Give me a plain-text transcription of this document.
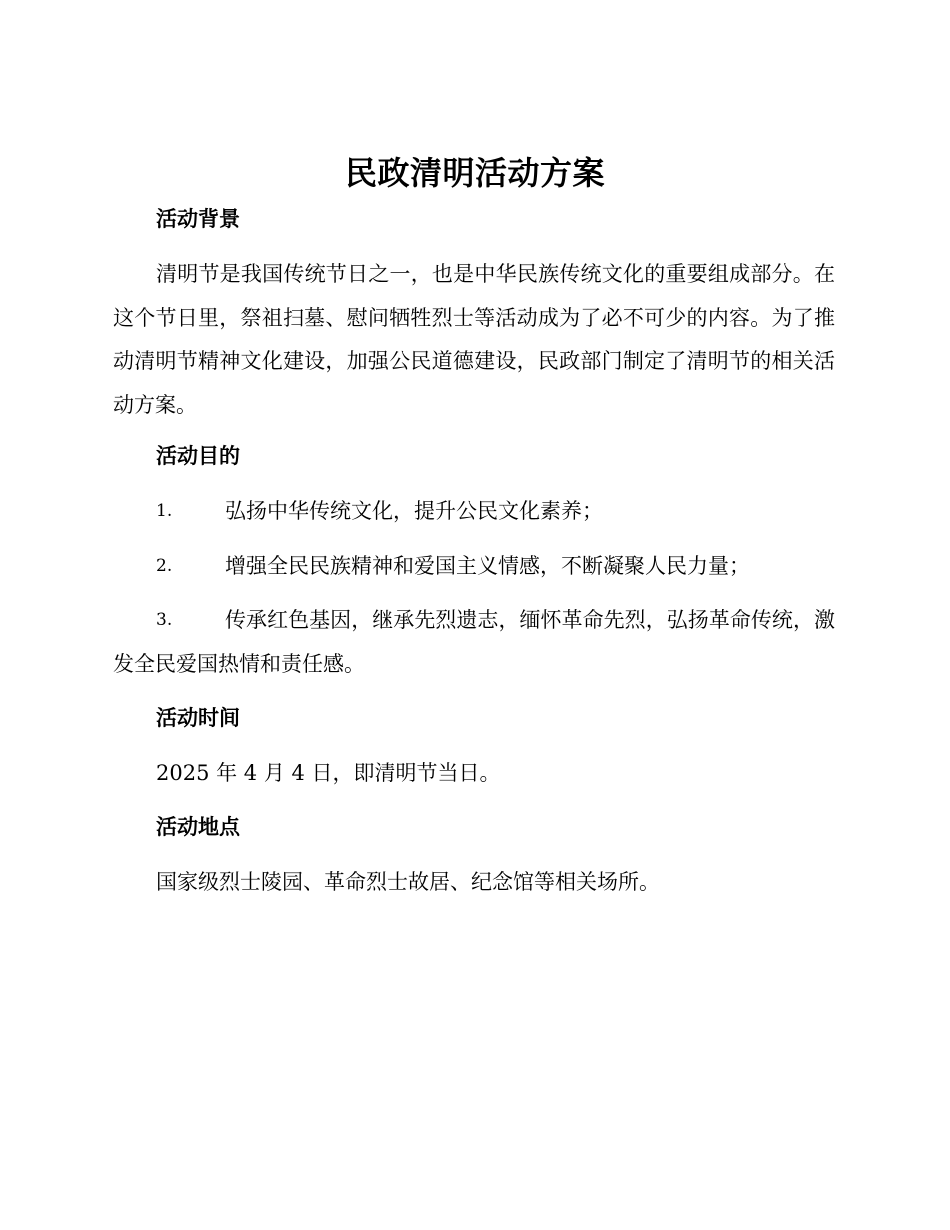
民政清明活动方案
活动背景
清明节是我国传统节日之一，也是中华民族传统文化的重要组成部分。在这个节日里，祭祖扫墓、慰问牺牲烈士等活动成为了必不可少的内容。为了推动清明节精神文化建设，加强公民道德建设，民政部门制定了清明节的相关活动方案。
活动目的
1.	弘扬中华传统文化，提升公民文化素养；
2.	增强全民民族精神和爱国主义情感，不断凝聚人民力量；
3.	传承红色基因，继承先烈遗志，缅怀革命先烈，弘扬革命传统，激发全民爱国热情和责任感。
活动时间
2025 年 4 月 4 日，即清明节当日。
活动地点
国家级烈士陵园、革命烈士故居、纪念馆等相关场所。
